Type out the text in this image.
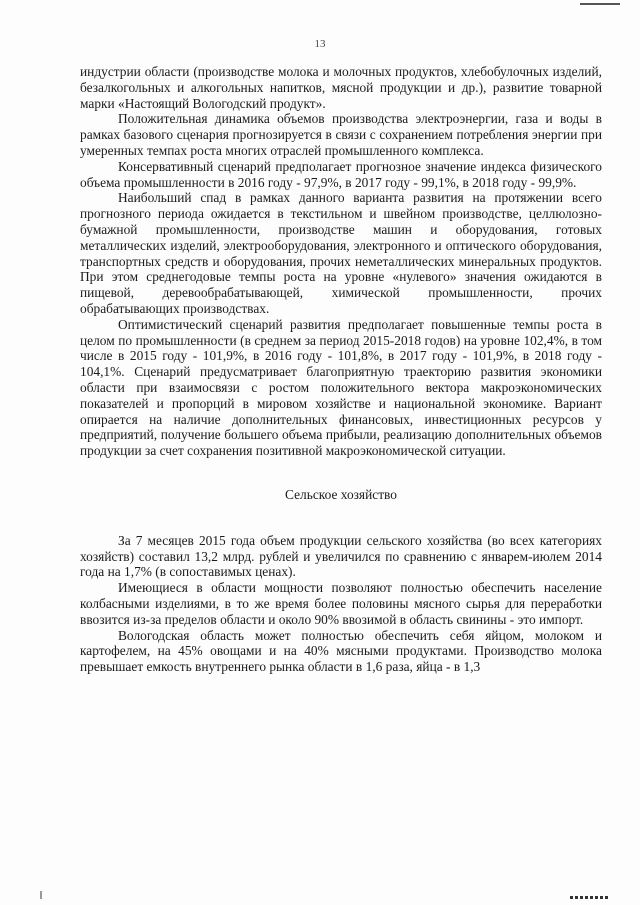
13

индустрии области (производстве молока и молочных продуктов, хлебобулочных изделий, безалкогольных и алкогольных напитков, мясной продукции и др.), развитие товарной марки «Настоящий Вологодский продукт».

Положительная динамика объемов производства электроэнергии, газа и воды в рамках базового сценария прогнозируется в связи с сохранением потребления энергии при умеренных темпах роста многих отраслей промышленного комплекса.

Консервативный сценарий предполагает прогнозное значение индекса физического объема промышленности в 2016 году - 97,9%, в 2017 году - 99,1%, в 2018 году - 99,9%.

Наибольший спад в рамках данного варианта развития на протяжении всего прогнозного периода ожидается в текстильном и швейном производстве, целлюлозно-бумажной промышленности, производстве машин и оборудования, готовых металлических изделий, электрооборудования, электронного и оптического оборудования, транспортных средств и оборудования, прочих неметаллических минеральных продуктов. При этом среднегодовые темпы роста на уровне «нулевого» значения ожидаются в пищевой, деревообрабатывающей, химической промышленности, прочих обрабатывающих производствах.

Оптимистический сценарий развития предполагает повышенные темпы роста в целом по промышленности (в среднем за период 2015-2018 годов) на уровне 102,4%, в том числе в 2015 году - 101,9%, в 2016 году - 101,8%, в 2017 году - 101,9%, в 2018 году - 104,1%. Сценарий предусматривает благоприятную траекторию развития экономики области при взаимосвязи с ростом положительного вектора макроэкономических показателей и пропорций в мировом хозяйстве и национальной экономике. Вариант опирается на наличие дополнительных финансовых, инвестиционных ресурсов у предприятий, получение большего объема прибыли, реализацию дополнительных объемов продукции за счет сохранения позитивной макроэкономической ситуации.

Сельское хозяйство

За 7 месяцев 2015 года объем продукции сельского хозяйства (во всех категориях хозяйств) составил 13,2 млрд. рублей и увеличился по сравнению с январем-июлем 2014 года на 1,7% (в сопоставимых ценах).

Имеющиеся в области мощности позволяют полностью обеспечить население колбасными изделиями, в то же время более половины мясного сырья для переработки ввозится из-за пределов области и около 90% ввозимой в область свинины - это импорт.

Вологодская область может полностью обеспечить себя яйцом, молоком и картофелем, на 45% овощами и на 40% мясными продуктами. Производство молока превышает емкость внутреннего рынка области в 1,6 раза, яйца - в 1,3
